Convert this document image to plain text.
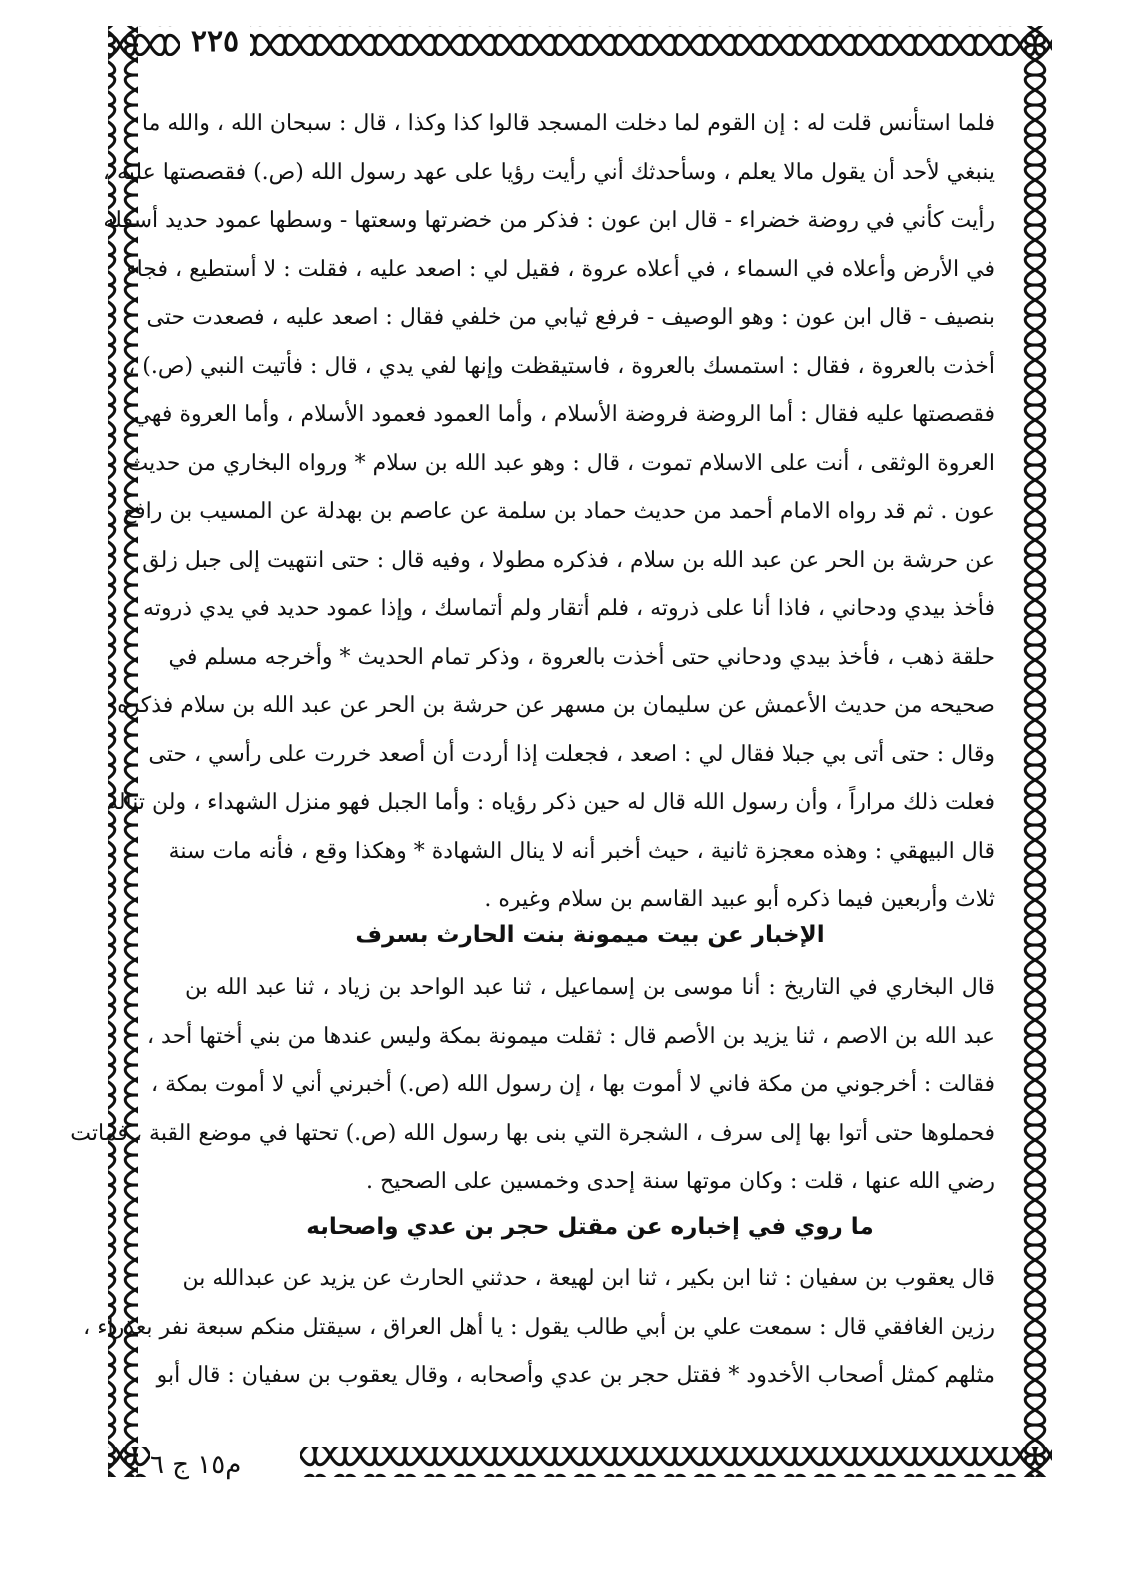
٢٢٥
فلما استأنس قلت له : إن القوم لما دخلت المسجد قالوا كذا وكذا ، قال : سبحان الله ، والله ما
ينبغي لأحد أن يقول مالا يعلم ، وسأحدثك أني رأيت رؤيا على عهد رسول الله (ص.) فقصصتها عليه ،
رأيت كأني في روضة خضراء - قال ابن عون : فذكر من خضرتها وسعتها - وسطها عمود حديد أسفله
في الأرض وأعلاه في السماء ، في أعلاه عروة ، فقيل لي : اصعد عليه ، فقلت : لا أستطيع ، فجاء
بنصيف - قال ابن عون : وهو الوصيف - فرفع ثيابي من خلفي فقال : اصعد عليه ، فصعدت حتى
أخذت بالعروة ، فقال : استمسك بالعروة ، فاستيقظت وإنها لفي يدي ، قال : فأتيت النبي (ص.) ،
فقصصتها عليه فقال : أما الروضة فروضة الأسلام ، وأما العمود فعمود الأسلام ، وأما العروة فهي
العروة الوثقى ، أنت على الاسلام تموت ، قال : وهو عبد الله بن سلام * ورواه البخاري من حديث
عون . ثم قد رواه الامام أحمد من حديث حماد بن سلمة عن عاصم بن بهدلة عن المسيب بن رافع
عن حرشة بن الحر عن عبد الله بن سلام ، فذكره مطولا ، وفيه قال : حتى انتهيت إلى جبل زلق
فأخذ بيدي ودحاني ، فاذا أنا على ذروته ، فلم أتقار ولم أتماسك ، وإذا عمود حديد في يدي ذروته
حلقة ذهب ، فأخذ بيدي ودحاني حتى أخذت بالعروة ، وذكر تمام الحديث * وأخرجه مسلم في
صحيحه من حديث الأعمش عن سليمان بن مسهر عن حرشة بن الحر عن عبد الله بن سلام فذكره
وقال : حتى أتى بي جبلا فقال لي : اصعد ، فجعلت إذا أردت أن أصعد خررت على رأسي ، حتى
فعلت ذلك مراراً ، وأن رسول الله قال له حين ذكر رؤياه : وأما الجبل فهو منزل الشهداء ، ولن تناله
قال البيهقي : وهذه معجزة ثانية ، حيث أخبر أنه لا ينال الشهادة * وهكذا وقع ، فأنه مات سنة
ثلاث وأربعين فيما ذكره أبو عبيد القاسم بن سلام وغيره .
الإخبار عن بيت ميمونة بنت الحارث بسرف
قال البخاري في التاريخ : أنا موسى بن إسماعيل ، ثنا عبد الواحد بن زياد ، ثنا عبد الله بن
عبد الله بن الاصم ، ثنا يزيد بن الأصم قال : ثقلت ميمونة بمكة وليس عندها من بني أختها أحد ،
فقالت : أخرجوني من مكة فاني لا أموت بها ، إن رسول الله (ص.) أخبرني أني لا أموت بمكة ،
فحملوها حتى أتوا بها إلى سرف ، الشجرة التي بنى بها رسول الله (ص.) تحتها في موضع القبة ، فماتت
رضي الله عنها ، قلت : وكان موتها سنة إحدى وخمسين على الصحيح .
ما روي في إخباره عن مقتل حجر بن عدي واصحابه
قال يعقوب بن سفيان : ثنا ابن بكير ، ثنا ابن لهيعة ، حدثني الحارث عن يزيد عن عبدالله بن
رزين الغافقي قال : سمعت علي بن أبي طالب يقول : يا أهل العراق ، سيقتل منكم سبعة نفر بعذراء ،
مثلهم كمثل أصحاب الأخدود * فقتل حجر بن عدي وأصحابه ، وقال يعقوب بن سفيان : قال أبو
م١٥ ج ٦
